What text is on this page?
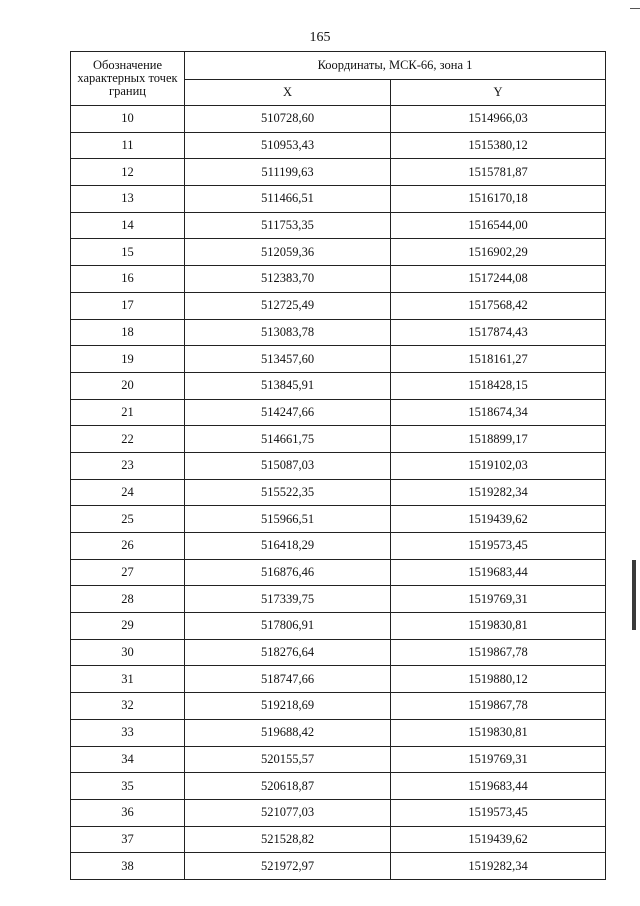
165
Обозначение характерных точек границ	Координаты, МСК-66, зона 1	
	X	Y
10	510728,60	1514966,03
11	510953,43	1515380,12
12	511199,63	1515781,87
13	511466,51	1516170,18
14	511753,35	1516544,00
15	512059,36	1516902,29
16	512383,70	1517244,08
17	512725,49	1517568,42
18	513083,78	1517874,43
19	513457,60	1518161,27
20	513845,91	1518428,15
21	514247,66	1518674,34
22	514661,75	1518899,17
23	515087,03	1519102,03
24	515522,35	1519282,34
25	515966,51	1519439,62
26	516418,29	1519573,45
27	516876,46	1519683,44
28	517339,75	1519769,31
29	517806,91	1519830,81
30	518276,64	1519867,78
31	518747,66	1519880,12
32	519218,69	1519867,78
33	519688,42	1519830,81
34	520155,57	1519769,31
35	520618,87	1519683,44
36	521077,03	1519573,45
37	521528,82	1519439,62
38	521972,97	1519282,34
